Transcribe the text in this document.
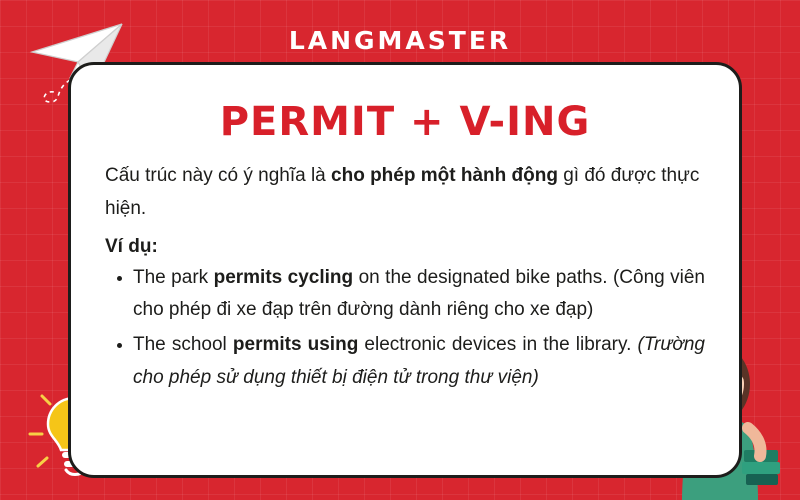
LANGMASTER
PERMIT + V-ING

Cấu trúc này có ý nghĩa là cho phép một hành động gì đó được thực hiện.

Ví dụ:
The park permits cycling on the designated bike paths. (Công viên cho phép đi xe đạp trên đường dành riêng cho xe đạp)
The school permits using electronic devices in the library. (Trường cho phép sử dụng thiết bị điện tử trong thư viện)
